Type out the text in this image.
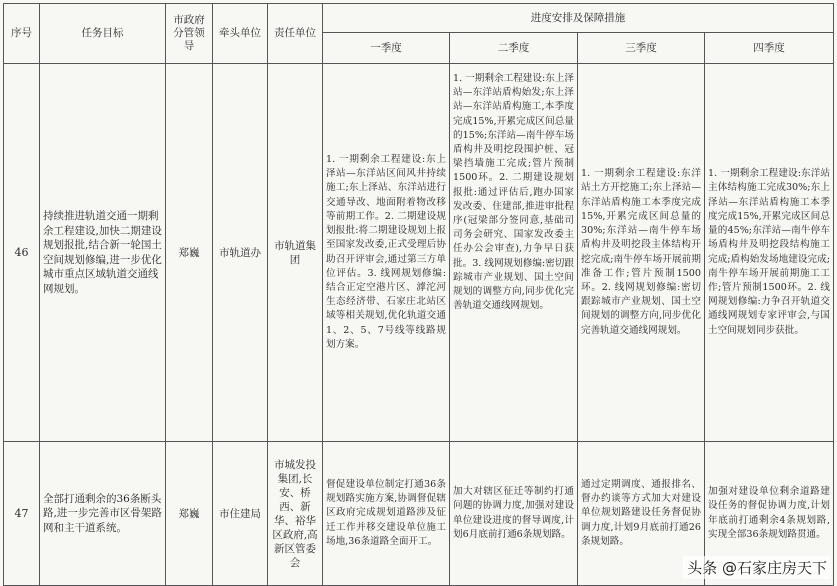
序号	任务目标	市政府分管领导	牵头单位	责任单位	进度安排及保障措施			
					一季度	二季度	三季度	四季度
46	持续推进轨道交通一期剩余工程建设,加快二期建设规划报批,结合新一轮国土空间规划修编,进一步优化城市重点区域轨道交通线网规划。	郑巍	市轨道办	市轨道集团	1. 一期剩余工程建设:东上泽站—东洋站区间风井持续施工;东上泽站、东洋站进行交通导改、地面附着物改移等前期工作。2. 二期建设规划报批:将二期建设规划上报至国家发改委,正式受理后协助召开评审会,通过第三方单位评估。3. 线网规划修编:结合正定空港片区、滹沱河生态经济带、石家庄北站区域等相关规划,优化轨道交通1、2、5、7号线等线路规划方案。	1. 一期剩余工程建设:东上泽站—东洋站盾构始发;东上泽站—东洋站盾构施工,本季度完成15%,开累完成区间总量的15%;东洋站—南牛停车场盾构井及明挖段围护桩、冠梁挡墙施工完成;管片预制1500环。2. 二期建设规划报批:通过评估后,跑办国家发改委、住建部,推进审批程序(冠梁部分签同意,基础司司务会研究、国家发改委主任办公会审查),力争早日获批。3. 线网规划修编:密切跟踪城市产业规划、国土空间规划的调整方向,同步优化完善轨道交通线网规划。	1. 一期剩余工程建设:东洋站土方开挖施工;东上泽站—东洋站盾构施工本季度完成15%,开累完成区间总量的30%;东洋站—南牛停车场盾构井及明挖段主体结构开挖完成;南牛停车场开展前期准备工作;管片预制1500环。2. 线网规划修编:密切跟踪城市产业规划、国土空间规划的调整方向,同步优化完善轨道交通线网规划。	1. 一期剩余工程建设:东洋站主体结构施工完成30%;东上泽站—东洋站盾构施工本季度完成15%,开累完成区间总量的45%;东洋站—南牛停车场盾构井及明挖段结构施工完成;盾构始发场地建设完成;南牛停车场开展前期施工工作;管片预制1500环。2. 线网规划修编:力争召开轨道交通线网规划专家评审会,与国土空间规划同步获批。
47	全部打通剩余的36条断头路,进一步完善市区骨架路网和主干道系统。	郑巍	市住建局	市城发投集团,长安、桥西、新华、裕华区政府,高新区管委会	督促建设单位制定打通36条规划路实施方案,协调督促辖区政府完成规划道路涉及征迁工作并移交建设单位施工场地,36条道路全面开工。	加大对辖区征迁等制约打通问题的协调力度,加强对建设单位建设进度的督导调度,计划6月底前打通6条规划路。	通过定期调度、通报排名、督办约谈等方式加大对建设单位规划路建设任务督促协调力度,计划9月底前打通26条规划路。	加强对建设单位剩余道路建设任务的督促协调力度,计划年底前打通剩余4条规划路,实现全部36条规划路贯通。
头条 @石家庄房天下
